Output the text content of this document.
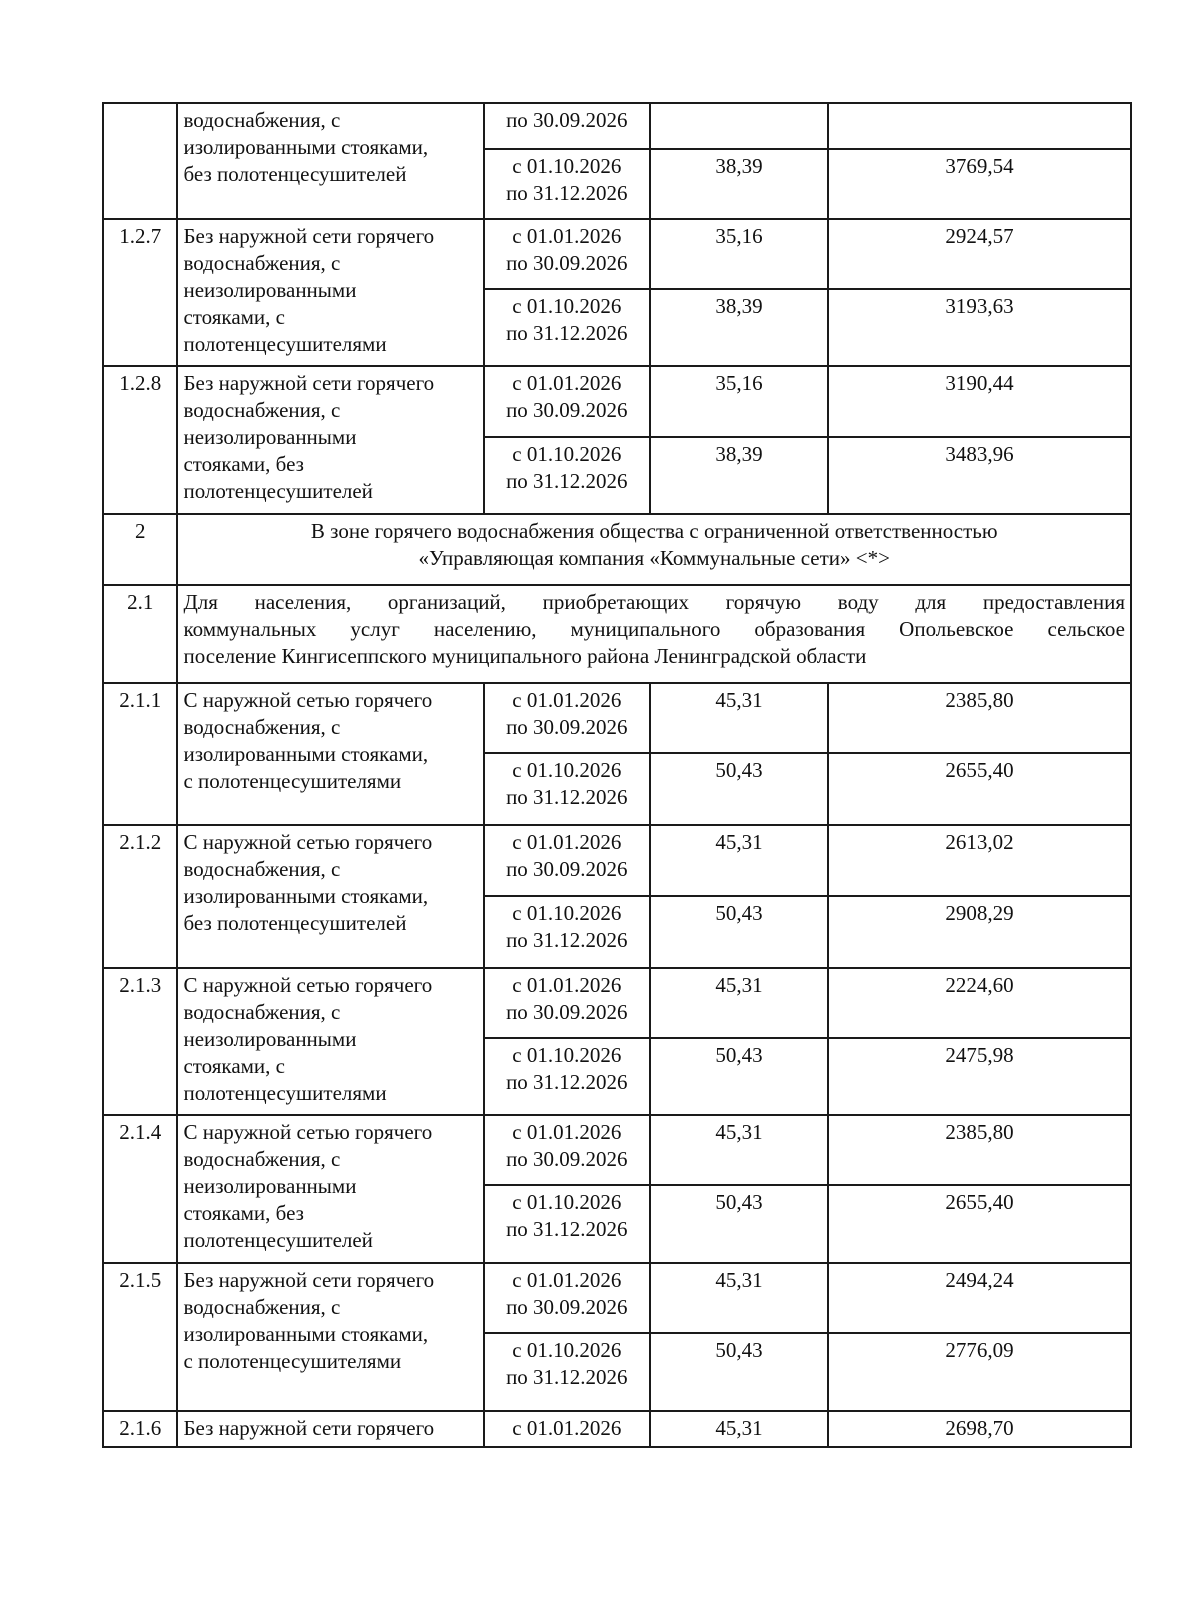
	водоснабжения, с
изолированными стояками,
без полотенцесушителей	по 30.09.2026		

		с 01.10.2026
по 31.12.2026	38,39	3769,54

1.2.7	Без наружной сети горячего
водоснабжения, с
неизолированными
стояками, с
полотенцесушителями	с 01.01.2026
по 30.09.2026	35,16	2924,57

		с 01.10.2026
по 31.12.2026	38,39	3193,63

1.2.8	Без наружной сети горячего
водоснабжения, с
неизолированными
стояками, без
полотенцесушителей	с 01.01.2026
по 30.09.2026	35,16	3190,44

		с 01.10.2026
по 31.12.2026	38,39	3483,96

2	В зоне горячего водоснабжения общества с ограниченной ответственностью
«Управляющая компания «Коммунальные сети» <*>			

2.1	Для населения, организаций, приобретающих горячую воду для предоставления
коммунальных услуг населению, муниципального образования Опольевское сельское
поселение Кингисеппского муниципального района Ленинградской области			

2.1.1	С наружной сетью горячего
водоснабжения, с
изолированными стояками,
с полотенцесушителями	с 01.01.2026
по 30.09.2026	45,31	2385,80

		с 01.10.2026
по 31.12.2026	50,43	2655,40

2.1.2	С наружной сетью горячего
водоснабжения, с
изолированными стояками,
без полотенцесушителей	с 01.01.2026
по 30.09.2026	45,31	2613,02

		с 01.10.2026
по 31.12.2026	50,43	2908,29

2.1.3	С наружной сетью горячего
водоснабжения, с
неизолированными
стояками, с
полотенцесушителями	с 01.01.2026
по 30.09.2026	45,31	2224,60

		с 01.10.2026
по 31.12.2026	50,43	2475,98

2.1.4	С наружной сетью горячего
водоснабжения, с
неизолированными
стояками, без
полотенцесушителей	с 01.01.2026
по 30.09.2026	45,31	2385,80

		с 01.10.2026
по 31.12.2026	50,43	2655,40

2.1.5	Без наружной сети горячего
водоснабжения, с
изолированными стояками,
с полотенцесушителями	с 01.01.2026
по 30.09.2026	45,31	2494,24

		с 01.10.2026
по 31.12.2026	50,43	2776,09

2.1.6	Без наружной сети горячего	с 01.01.2026	45,31	2698,70
